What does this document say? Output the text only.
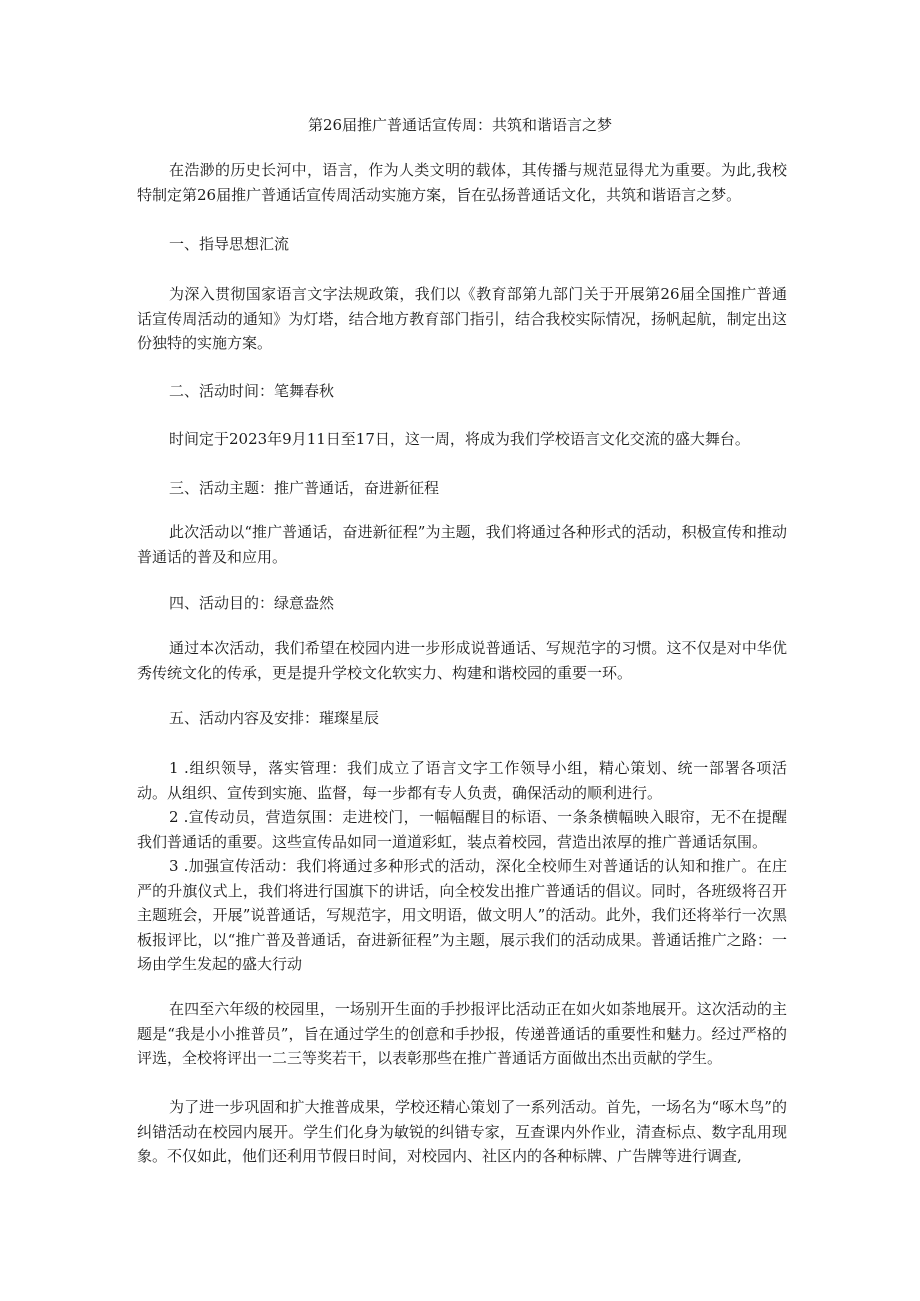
第26届推广普通话宣传周：共筑和谐语言之梦

在浩渺的历史长河中，语言，作为人类文明的载体，其传播与规范显得尤为重要。为此,我校特制定第26届推广普通话宣传周活动实施方案，旨在弘扬普通话文化，共筑和谐语言之梦。

一、指导思想汇流

为深入贯彻国家语言文字法规政策，我们以《教育部第九部门关于开展第26届全国推广普通话宣传周活动的通知》为灯塔，结合地方教育部门指引，结合我校实际情况，扬帆起航，制定出这份独特的实施方案。

二、活动时间：笔舞春秋

时间定于2023年9月11日至17日，这一周，将成为我们学校语言文化交流的盛大舞台。

三、活动主题：推广普通话，奋进新征程

此次活动以“推广普通话，奋进新征程”为主题，我们将通过各种形式的活动，积极宣传和推动普通话的普及和应用。

四、活动目的：绿意盎然

通过本次活动，我们希望在校园内进一步形成说普通话、写规范字的习惯。这不仅是对中华优秀传统文化的传承，更是提升学校文化软实力、构建和谐校园的重要一环。

五、活动内容及安排：璀璨星辰

1 .组织领导，落实管理：我们成立了语言文字工作领导小组，精心策划、统一部署各项活动。从组织、宣传到实施、监督，每一步都有专人负责，确保活动的顺利进行。

2 .宣传动员，营造氛围：走进校门，一幅幅醒目的标语、一条条横幅映入眼帘，无不在提醒我们普通话的重要。这些宣传品如同一道道彩虹，装点着校园，营造出浓厚的推广普通话氛围。

3 .加强宣传活动：我们将通过多种形式的活动，深化全校师生对普通话的认知和推广。在庄严的升旗仪式上，我们将进行国旗下的讲话，向全校发出推广普通话的倡议。同时，各班级将召开主题班会，开展”说普通话，写规范字，用文明语，做文明人”的活动。此外，我们还将举行一次黑板报评比，以“推广普及普通话，奋进新征程”为主题，展示我们的活动成果。普通话推广之路：一场由学生发起的盛大行动

在四至六年级的校园里，一场别开生面的手抄报评比活动正在如火如荼地展开。这次活动的主题是“我是小小推普员”，旨在通过学生的创意和手抄报，传递普通话的重要性和魅力。经过严格的评选，全校将评出一二三等奖若干，以表彰那些在推广普通话方面做出杰出贡献的学生。

为了进一步巩固和扩大推普成果，学校还精心策划了一系列活动。首先，一场名为“啄木鸟”的纠错活动在校园内展开。学生们化身为敏锐的纠错专家，互查课内外作业，清查标点、数字乱用现象。不仅如此，他们还利用节假日时间，对校园内、社区内的各种标牌、广告牌等进行调查,
